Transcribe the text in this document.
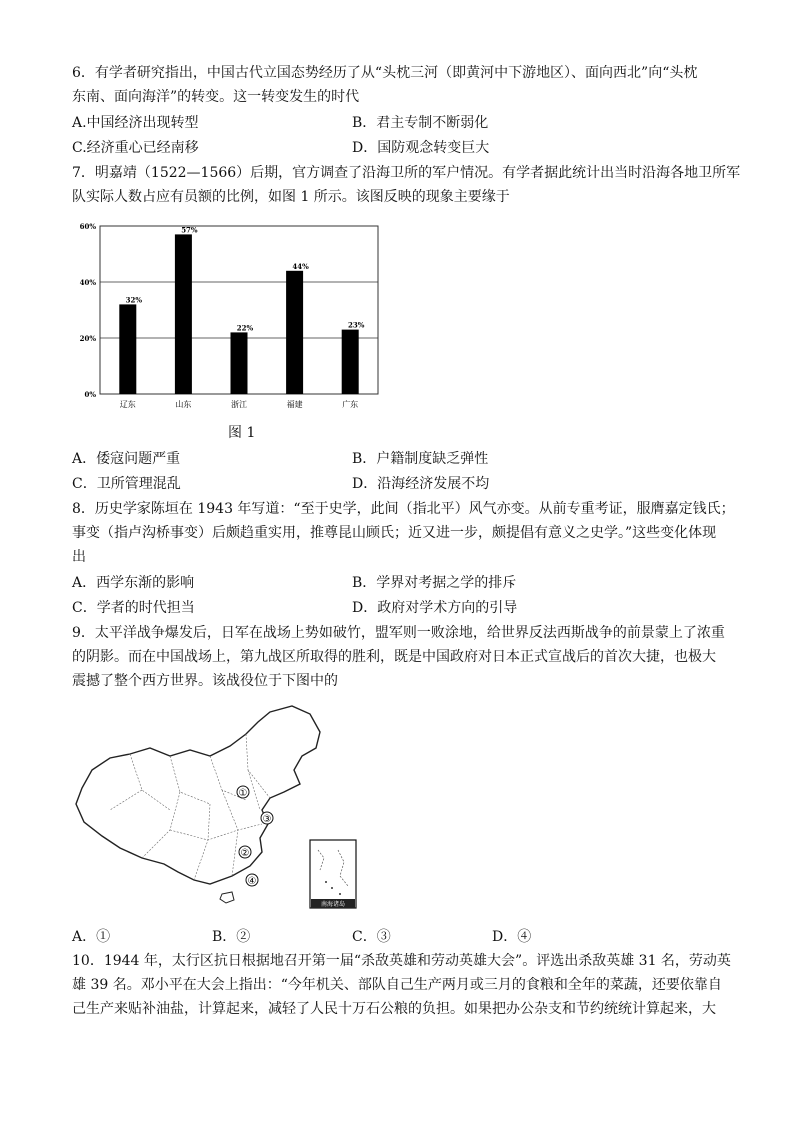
6．有学者研究指出，中国古代立国态势经历了从“头枕三河（即黄河中下游地区）、面向西北”向“头枕
东南、面向海洋”的转变。这一转变发生的时代
A.中国经济出现转型	B．君主专制不断弱化
C.经济重心已经南移	D．国防观念转变巨大
7．明嘉靖（1522—1566）后期，官方调查了沿海卫所的军户情况。有学者据此统计出当时沿海各地卫所军
队实际人数占应有员额的比例，如图 1 所示。该图反映的现象主要缘于
0%
20%
40%
60%
32%
57%
22%
44%
23%
辽东	山东	浙江	福建	广东
图 1
A．倭寇问题严重	B．户籍制度缺乏弹性
C．卫所管理混乱	D．沿海经济发展不均
8．历史学家陈垣在 1943 年写道：“至于史学，此间（指北平）风气亦变。从前专重考证，服膺嘉定钱氏；
事变（指卢沟桥事变）后颇趋重实用，推尊昆山顾氏；近又进一步，颇提倡有意义之史学。”这些变化体现
出
A．西学东渐的影响	B．学界对考据之学的排斥
C．学者的时代担当	D．政府对学术方向的引导
9．太平洋战争爆发后，日军在战场上势如破竹，盟军则一败涂地，给世界反法西斯战争的前景蒙上了浓重
的阴影。而在中国战场上，第九战区所取得的胜利，既是中国政府对日本正式宣战后的首次大捷，也极大
震撼了整个西方世界。该战役位于下图中的
①
②
③
④
南海诸岛
A．①	B．②	C．③	D．④
10．1944 年，太行区抗日根据地召开第一届“杀敌英雄和劳动英雄大会”。评选出杀敌英雄 31 名，劳动英
雄 39 名。邓小平在大会上指出：“今年机关、部队自己生产两月或三月的食粮和全年的菜蔬，还要依靠自
己生产来贴补油盐，计算起来，减轻了人民十万石公粮的负担。如果把办公杂支和节约统统计算起来，大
